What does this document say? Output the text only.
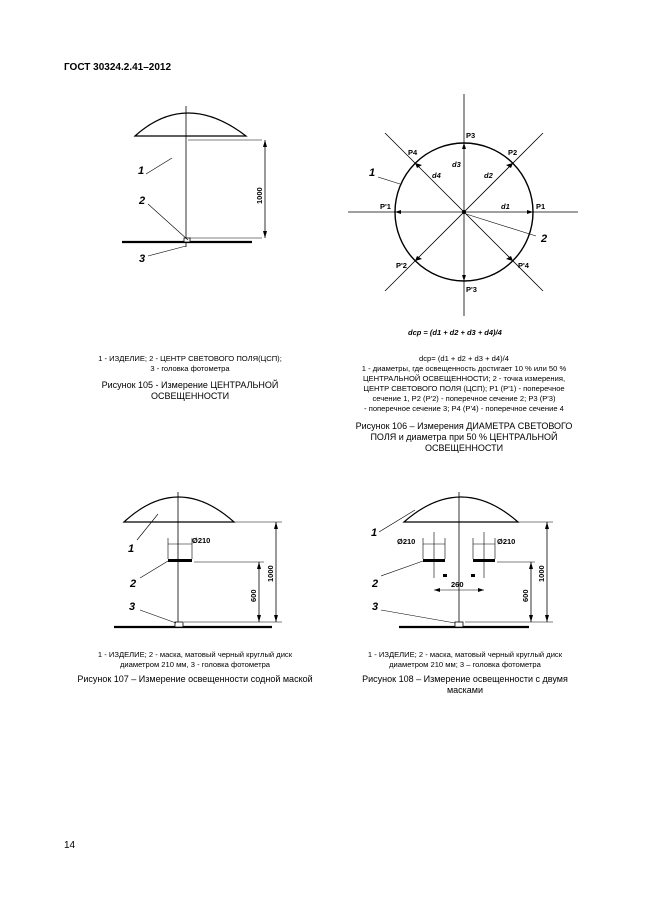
ГОСТ 30324.2.41–2012
1000
1
2
3
1 - ИЗДЕЛИЕ; 2 - ЦЕНТР СВЕТОВОГО ПОЛЯ(ЦСП);
3 - головка фотометра
Рисунок 105 - Измерение ЦЕНТРАЛЬНОЙ
ОСВЕЩЕННОСТИ
P3
P'3
P1
P'1
P2
P'2
P4
P'4
d1
d2
d3
d4
1
2
dср = (d1 + d2 + d3 + d4)/4
dср= (d1 + d2 + d3 + d4)/4
1 - диаметры, где освещенность достигает 10 % или 50 %
ЦЕНТРАЛЬНОЙ ОСВЕЩЕННОСТИ; 2 - точка измерения,
ЦЕНТР СВЕТОВОГО ПОЛЯ (ЦСП); P1 (P'1) - поперечное
сечение 1, P2 (P'2) - поперечное сечение 2; P3 (P'3)
- поперечное сечение 3; P4 (P'4) - поперечное сечение 4
Рисунок 106 – Измерения ДИАМЕТРА СВЕТОВОГО
ПОЛЯ и диаметра при 50 % ЦЕНТРАЛЬНОЙ
ОСВЕЩЕННОСТИ
Ø210
1000
600
1
2
3
1 - ИЗДЕЛИЕ; 2 - маска, матовый черный круглый диск
диаметром 210 мм, 3 - головка фотометра
Рисунок 107 – Измерение освещенности содной маской
Ø210	Ø210
260
1000
600
1
2
3
1 - ИЗДЕЛИЕ; 2 - маска, матовый черный круглый диск
диаметром 210 мм; 3 – головка фотометра
Рисунок 108 – Измерение освещенности с двумя
масками
14
